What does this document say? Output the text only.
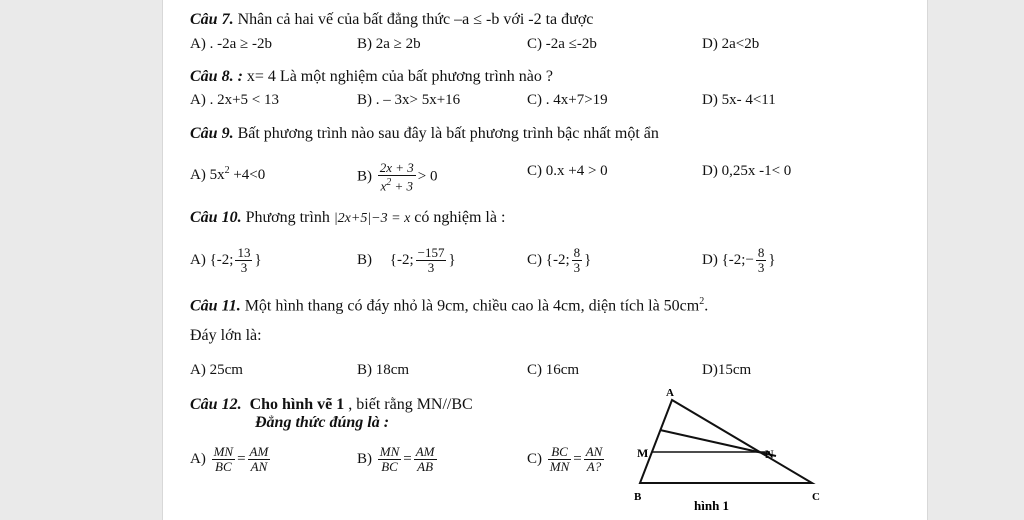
Câu 7. Nhân cả hai vế của bất đẳng thức –a ≤ -b với -2 ta được
A) . -2a ≥ -2b	B) 2a ≥ 2b	C) -2a ≤-2b	D) 2a<2b
Câu 8. : x= 4 Là một nghiệm của bất phương trình nào ?
A) . 2x+5 < 13	B) . – 3x> 5x+16	C) . 4x+7>19	D) 5x- 4<11
Câu 9. Bất phương trình nào sau đây là bất phương trình bậc nhất một ẩn
A) $5x^2 +4<0$	$B) \frac{2x + 3}{x^2 + 3} > 0$	C) 0.x +4 > 0	D) 0,25x -1< 0
Câu 10. Phương trình |2x+5|−3 = x có nghiệm là :
A) {-2; $\frac{13}{3}$ }	B) {-2; $\frac{-157}{3}$ }	C) {-2; $\frac{8}{3}$ }	D) {-2;− $\frac{8}{3}$ }
Câu 11. Một hình thang có đáy nhỏ là 9cm, chiều cao là 4cm, diện tích là $50cm^2$.
Đáy lớn là:
A) 25cm	B) 18cm	C) 16cm	D)15cm
Câu 12. Cho hình vẽ 1 , biết rằng MN//BC
Đẳng thức đúng là :
$A) \frac{MN}{BC} = \frac{AM}{AN}$	$B) \frac{MN}{BC} = \frac{AM}{AB}$	$C) \frac{BC}{MN} = \frac{AN}{A?}$
A
M	N
B	C
hình 1
